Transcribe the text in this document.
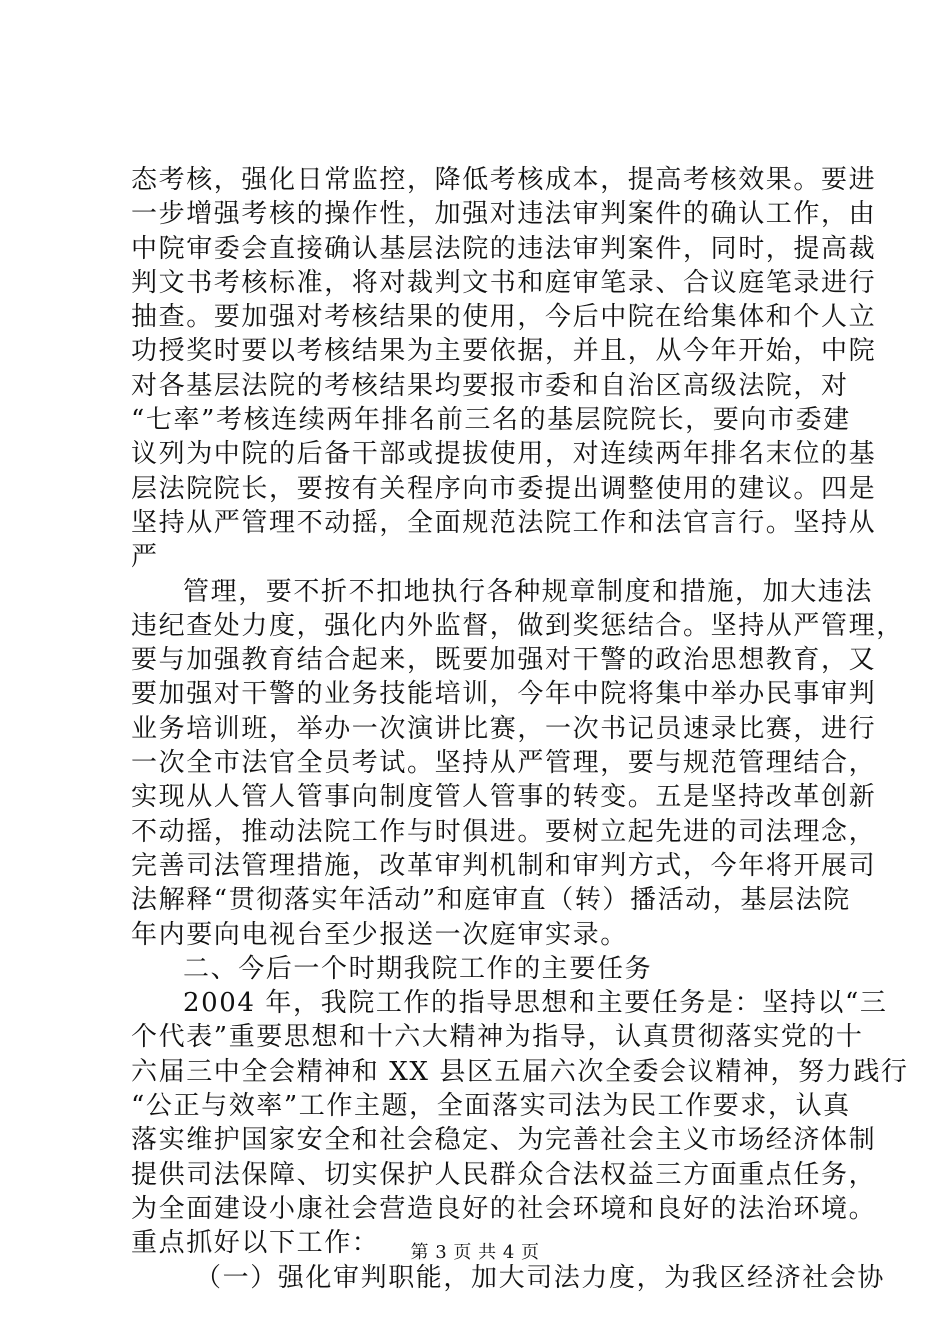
态考核，强化日常监控，降低考核成本，提高考核效果。要进
一步增强考核的操作性，加强对违法审判案件的确认工作，由
中院审委会直接确认基层法院的违法审判案件，同时，提高裁
判文书考核标准，将对裁判文书和庭审笔录、合议庭笔录进行
抽查。要加强对考核结果的使用，今后中院在给集体和个人立
功授奖时要以考核结果为主要依据，并且，从今年开始，中院
对各基层法院的考核结果均要报市委和自治区高级法院，对
“七率”考核连续两年排名前三名的基层院院长，要向市委建
议列为中院的后备干部或提拔使用，对连续两年排名末位的基
层法院院长，要按有关程序向市委提出调整使用的建议。四是
坚持从严管理不动摇，全面规范法院工作和法官言行。坚持从
严
管理，要不折不扣地执行各种规章制度和措施，加大违法
违纪查处力度，强化内外监督，做到奖惩结合。坚持从严管理，
要与加强教育结合起来，既要加强对干警的政治思想教育，又
要加强对干警的业务技能培训，今年中院将集中举办民事审判
业务培训班，举办一次演讲比赛，一次书记员速录比赛，进行
一次全市法官全员考试。坚持从严管理，要与规范管理结合，
实现从人管人管事向制度管人管事的转变。五是坚持改革创新
不动摇，推动法院工作与时俱进。要树立起先进的司法理念，
完善司法管理措施，改革审判机制和审判方式，今年将开展司
法解释“贯彻落实年活动”和庭审直（转）播活动，基层法院
年内要向电视台至少报送一次庭审实录。
二、今后一个时期我院工作的主要任务
2004 年，我院工作的指导思想和主要任务是：坚持以“三
个代表”重要思想和十六大精神为指导，认真贯彻落实党的十
六届三中全会精神和 XX 县区五届六次全委会议精神，努力践行
“公正与效率”工作主题，全面落实司法为民工作要求，认真
落实维护国家安全和社会稳定、为完善社会主义市场经济体制
提供司法保障、切实保护人民群众合法权益三方面重点任务，
为全面建设小康社会营造良好的社会环境和良好的法治环境。
重点抓好以下工作：
（一）强化审判职能，加大司法力度，为我区经济社会协
第 3 页 共 4 页
